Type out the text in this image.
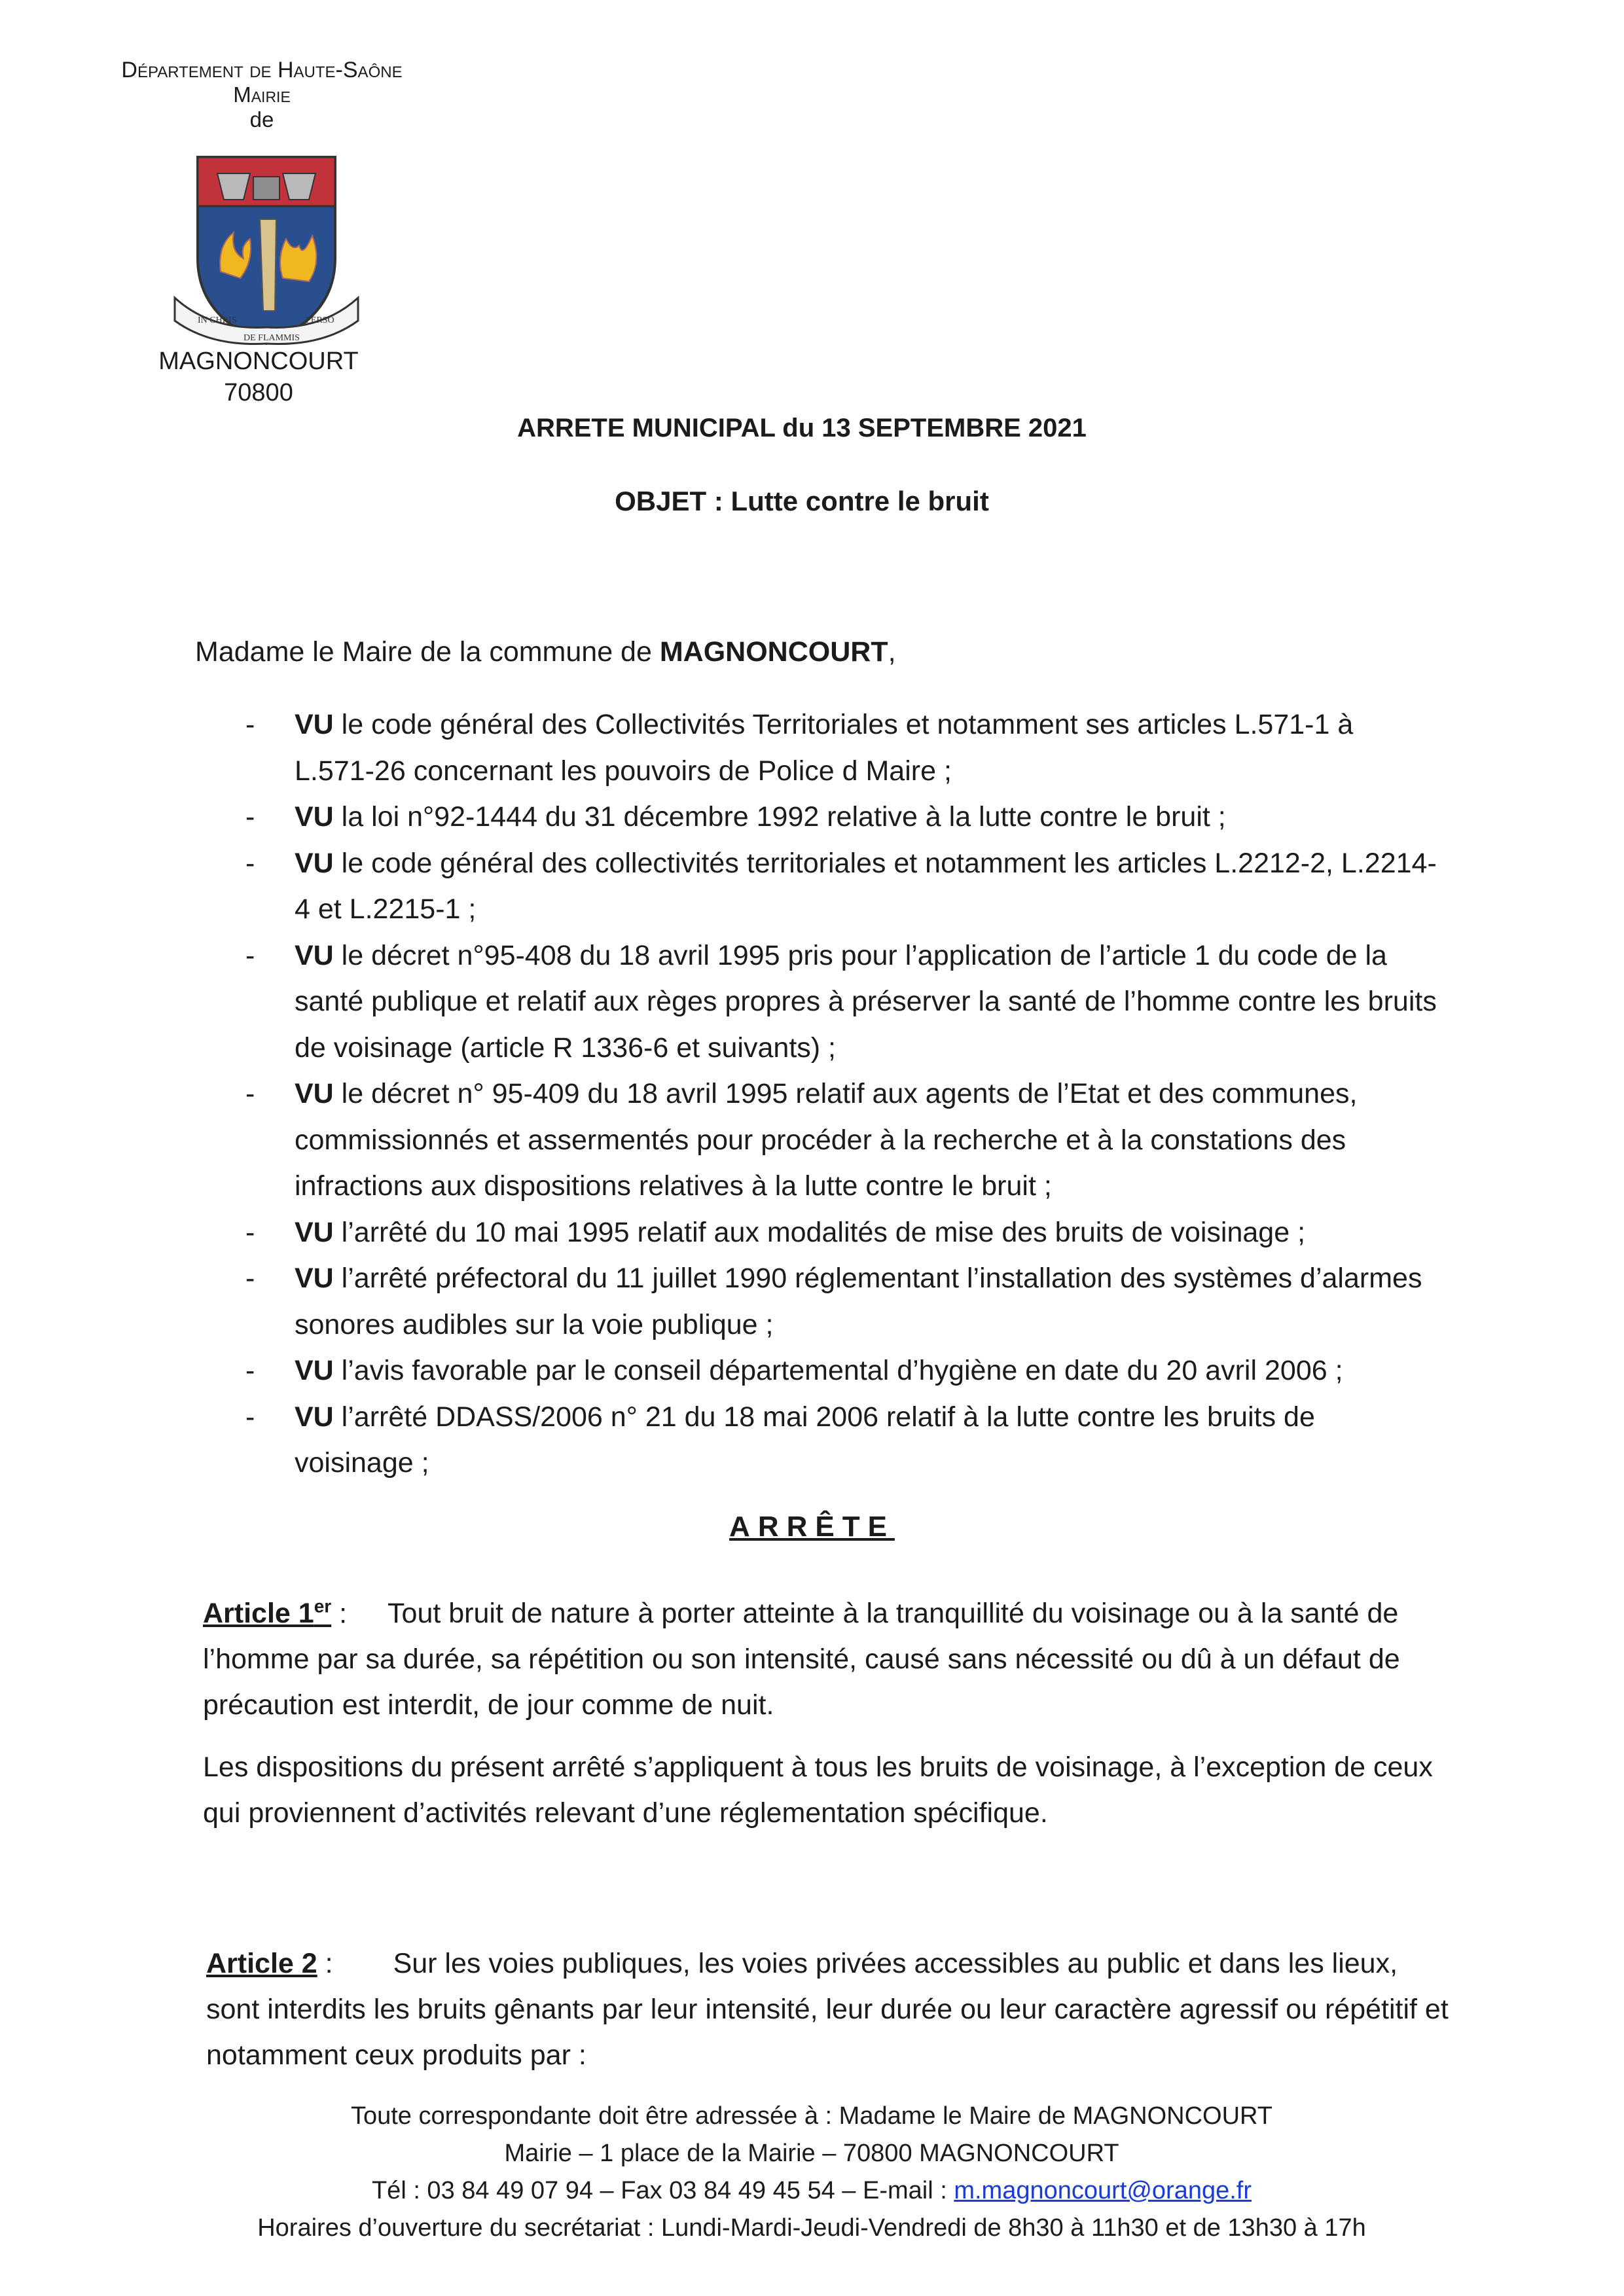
Département de Haute-Saône
Mairie
de
IN CHRIS	PERSO
DE FLAMMIS
MAGNONCOURT
70800
ARRETE MUNICIPAL du 13 SEPTEMBRE 2021
OBJET : Lutte contre le bruit
Madame le Maire de la commune de MAGNONCOURT,
- VU le code général des Collectivités Territoriales et notamment ses articles L.571-1 à L.571-26 concernant les pouvoirs de Police d Maire ;
- VU la loi n°92-1444 du 31 décembre 1992 relative à la lutte contre le bruit ;
- VU le code général des collectivités territoriales et notamment les articles L.2212-2, L.2214-4 et L.2215-1 ;
- VU le décret n°95-408 du 18 avril 1995 pris pour l’application de l’article 1 du code de la santé publique et relatif aux règes propres à préserver la santé de l’homme contre les bruits de voisinage (article R 1336-6 et suivants) ;
- VU le décret n° 95-409 du 18 avril 1995 relatif aux agents de l’Etat et des communes, commissionnés et assermentés pour procéder à la recherche et à la constations des infractions aux dispositions relatives à la lutte contre le bruit ;
- VU l’arrêté du 10 mai 1995 relatif aux modalités de mise des bruits de voisinage ;
- VU l’arrêté préfectoral du 11 juillet 1990 réglementant l’installation des systèmes d’alarmes sonores audibles sur la voie publique ;
- VU l’avis favorable par le conseil départemental d’hygiène en date du 20 avril 2006 ;
- VU l’arrêté DDASS/2006 n° 21 du 18 mai 2006 relatif à la lutte contre les bruits de voisinage ;
ARRÊTE
Article 1er : Tout bruit de nature à porter atteinte à la tranquillité du voisinage ou à la santé de l’homme par sa durée, sa répétition ou son intensité, causé sans nécessité ou dû à un défaut de précaution est interdit, de jour comme de nuit.
Les dispositions du présent arrêté s’appliquent à tous les bruits de voisinage, à l’exception de ceux qui proviennent d’activités relevant d’une réglementation spécifique.
Article 2 : Sur les voies publiques, les voies privées accessibles au public et dans les lieux, sont interdits les bruits gênants par leur intensité, leur durée ou leur caractère agressif ou répétitif et notamment ceux produits par :
Toute correspondante doit être adressée à : Madame le Maire de MAGNONCOURT
Mairie – 1 place de la Mairie – 70800 MAGNONCOURT
Tél : 03 84 49 07 94 – Fax 03 84 49 45 54 – E-mail : m.magnoncourt@orange.fr
Horaires d’ouverture du secrétariat : Lundi-Mardi-Jeudi-Vendredi de 8h30 à 11h30 et de 13h30 à 17h
